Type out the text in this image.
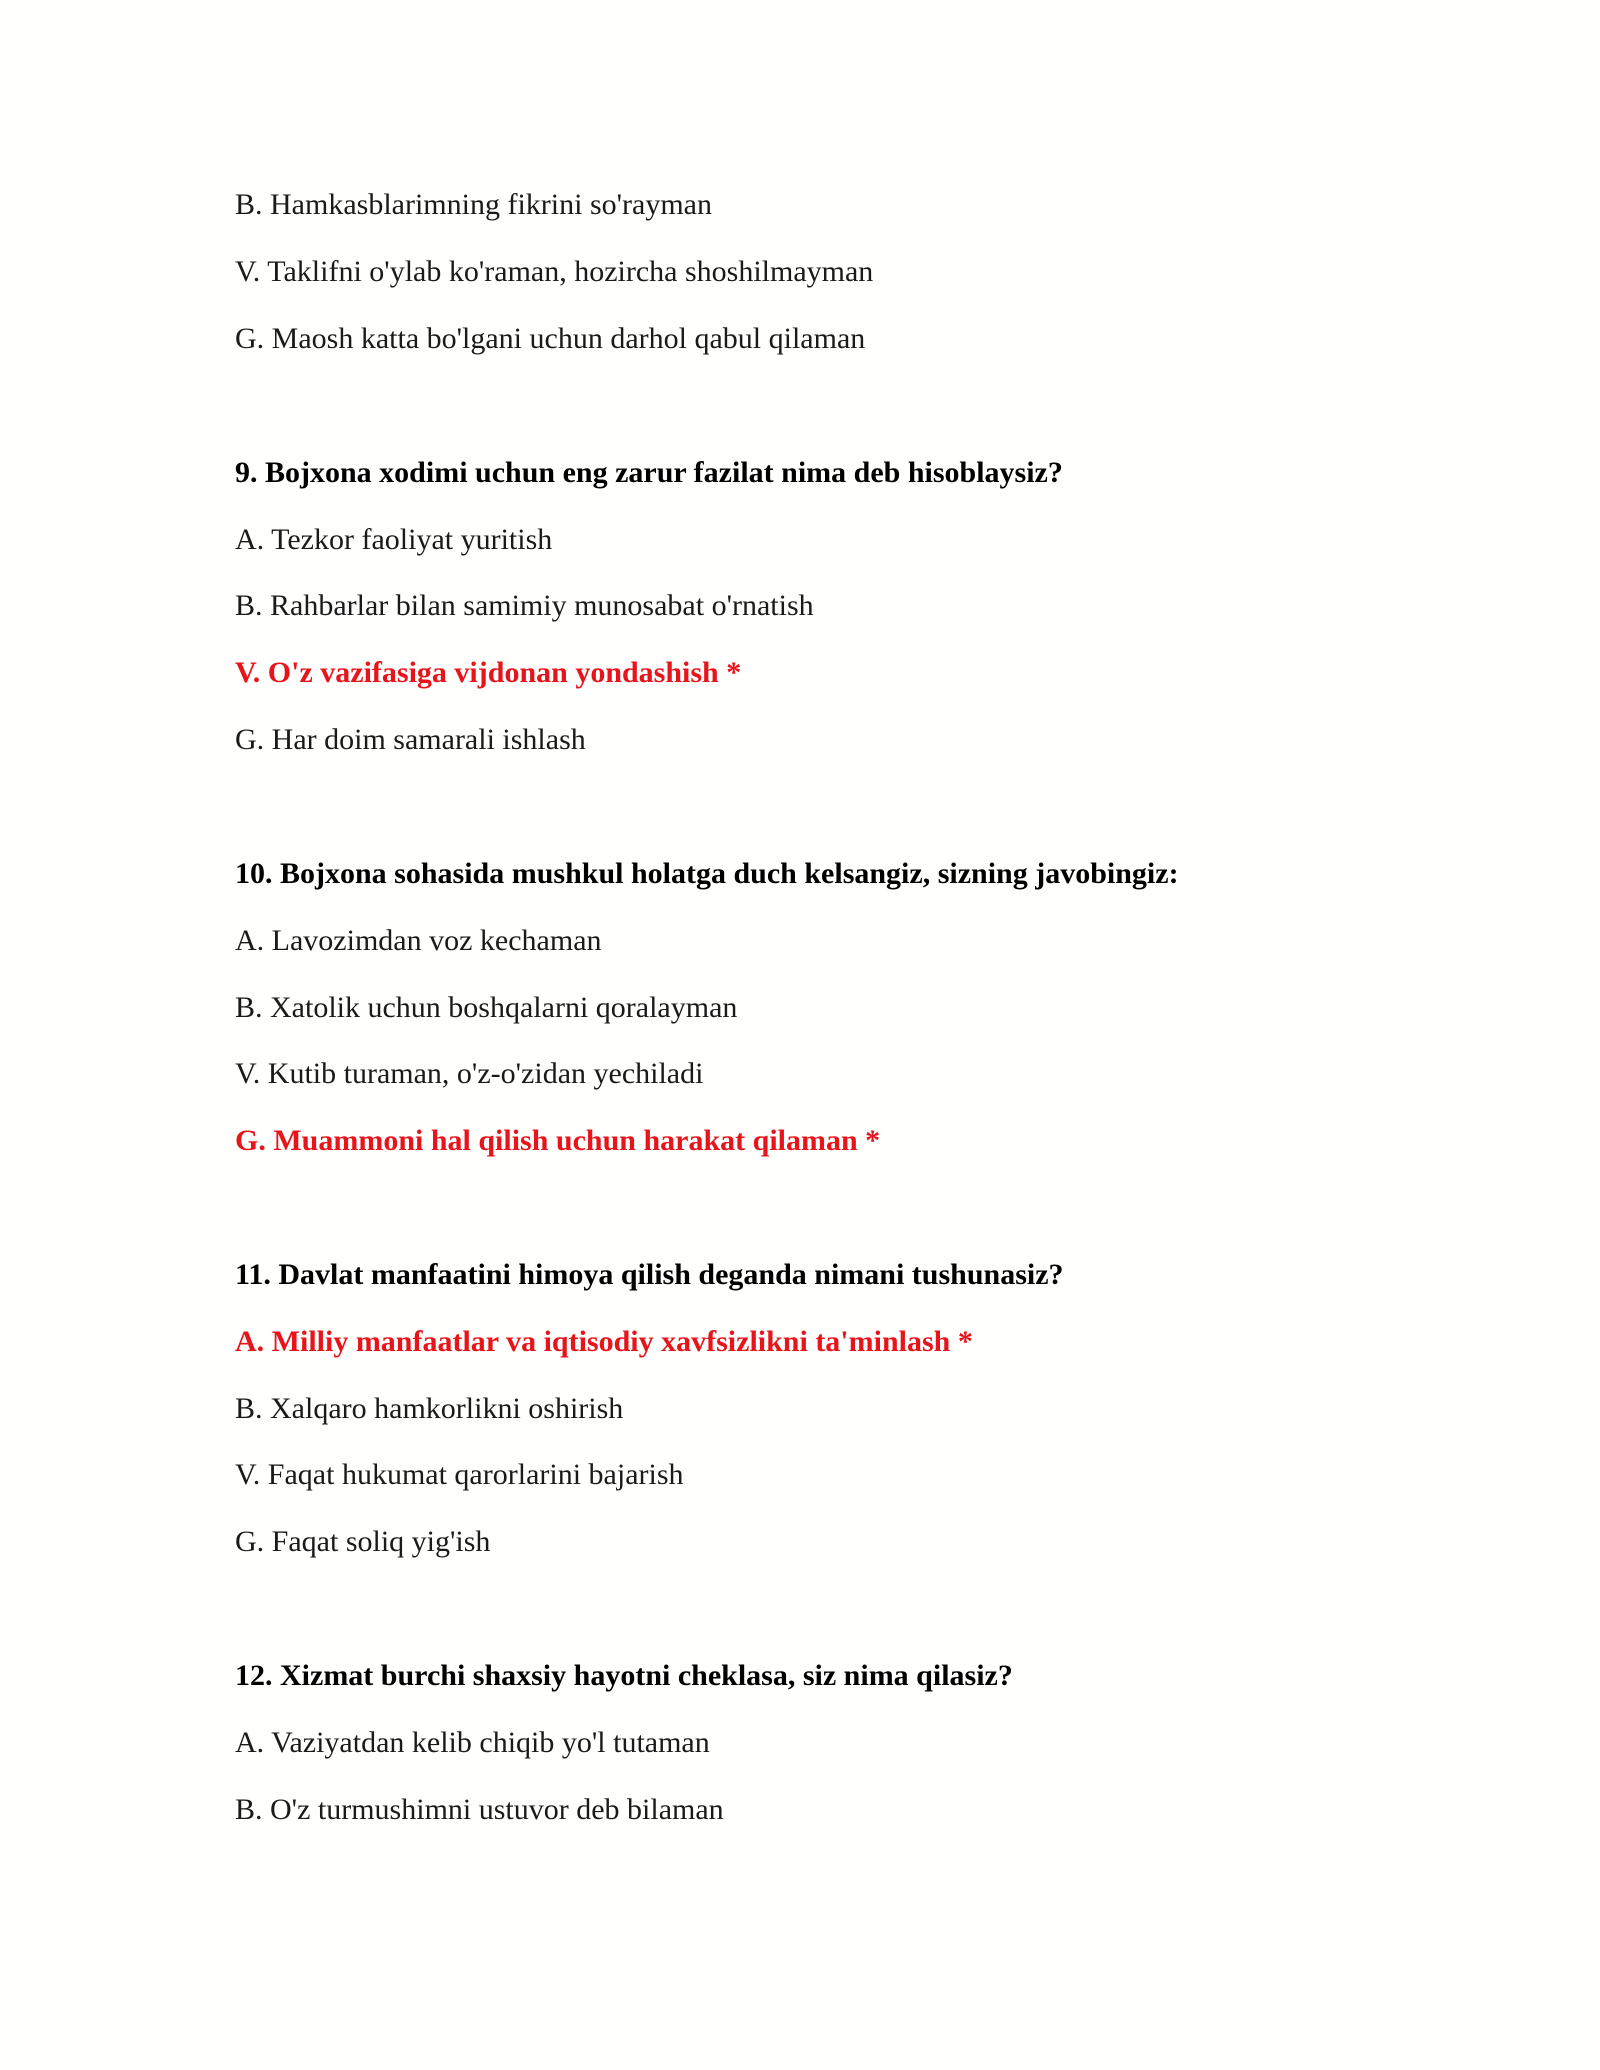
B. Hamkasblarimning fikrini so'rayman
V. Taklifni o'ylab ko'raman, hozircha shoshilmayman
G. Maosh katta bo'lgani uchun darhol qabul qilaman
9. Bojxona xodimi uchun eng zarur fazilat nima deb hisoblaysiz?
A. Tezkor faoliyat yuritish
B. Rahbarlar bilan samimiy munosabat o'rnatish
V. O'z vazifasiga vijdonan yondashish *
G. Har doim samarali ishlash
10. Bojxona sohasida mushkul holatga duch kelsangiz, sizning javobingiz:
A. Lavozimdan voz kechaman
B. Xatolik uchun boshqalarni qoralayman
V. Kutib turaman, o'z-o'zidan yechiladi
G. Muammoni hal qilish uchun harakat qilaman *
11. Davlat manfaatini himoya qilish deganda nimani tushunasiz?
A. Milliy manfaatlar va iqtisodiy xavfsizlikni ta'minlash *
B. Xalqaro hamkorlikni oshirish
V. Faqat hukumat qarorlarini bajarish
G. Faqat soliq yig'ish
12. Xizmat burchi shaxsiy hayotni cheklasa, siz nima qilasiz?
A. Vaziyatdan kelib chiqib yo'l tutaman
B. O'z turmushimni ustuvor deb bilaman
